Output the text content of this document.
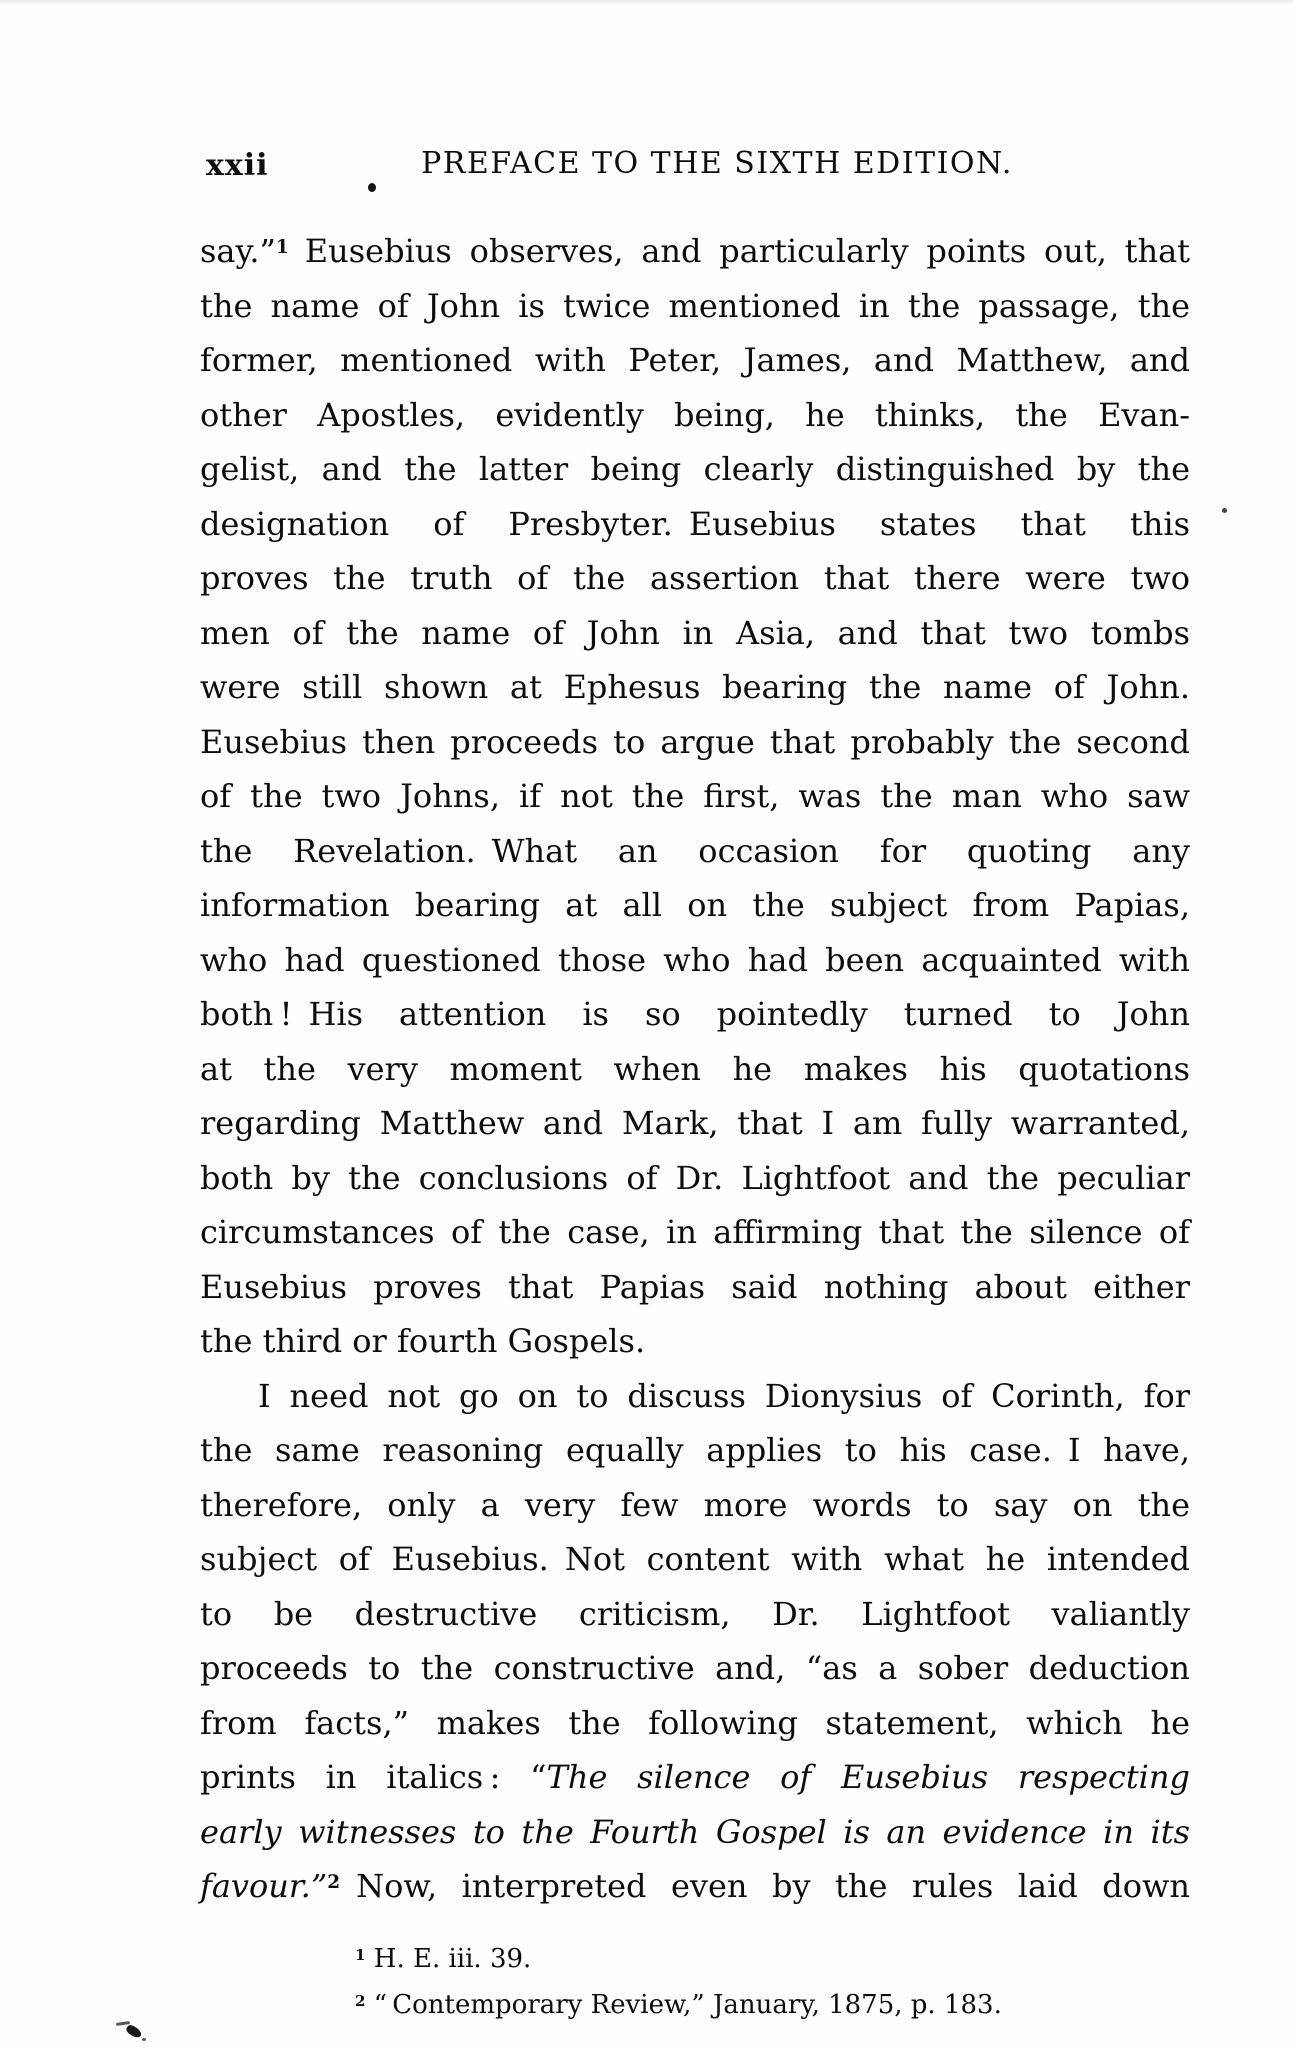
xxii	PREFACE TO THE SIXTH EDITION.
say.”$^1$ Eusebius observes, and particularly points out, that
the name of John is twice mentioned in the passage, the
former, mentioned with Peter, James, and Matthew, and
other Apostles, evidently being, he thinks, the Evan-
gelist, and the latter being clearly distinguished by the
designation of Presbyter. Eusebius states that this
proves the truth of the assertion that there were two
men of the name of John in Asia, and that two tombs
were still shown at Ephesus bearing the name of John.
Eusebius then proceeds to argue that probably the second
of the two Johns, if not the first, was the man who saw
the Revelation. What an occasion for quoting any
information bearing at all on the subject from Papias,
who had questioned those who had been acquainted with
both ! His attention is so pointedly turned to John
at the very moment when he makes his quotations
regarding Matthew and Mark, that I am fully warranted,
both by the conclusions of Dr. Lightfoot and the peculiar
circumstances of the case, in affirming that the silence of
Eusebius proves that Papias said nothing about either
the third or fourth Gospels.
I need not go on to discuss Dionysius of Corinth, for
the same reasoning equally applies to his case. I have,
therefore, only a very few more words to say on the
subject of Eusebius. Not content with what he intended
to be destructive criticism, Dr. Lightfoot valiantly
proceeds to the constructive and, “as a sober deduction
from facts,” makes the following statement, which he
prints in italics : “The silence of Eusebius respecting
early witnesses to the Fourth Gospel is an evidence in its
favour.”$^2$ Now, interpreted even by the rules laid down
$^1$ H. E. iii. 39.
$^2$ “ Contemporary Review,” January, 1875, p. 183.
